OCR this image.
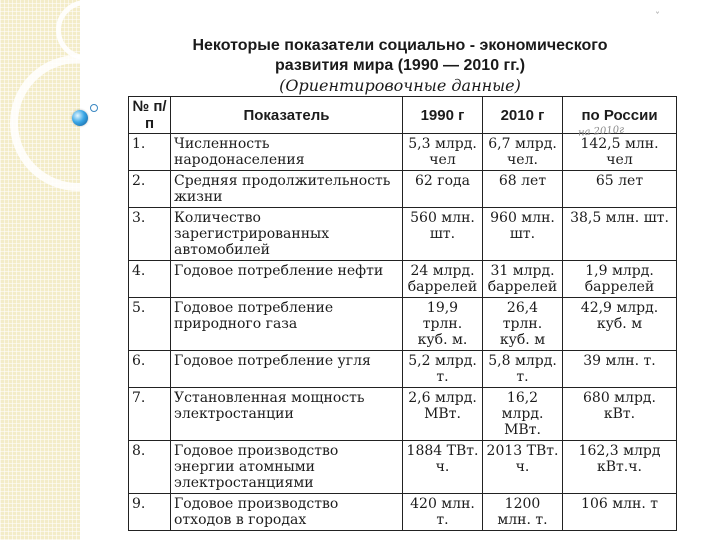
ˇ
Некоторые показатели социально - экономического
развития мира (1990 — 2010 гг.)
(Ориентировочные данные)
№ п/п	Показатель	1990 г	2010 г	по России
1.	Численность народонаселения	5,3 млрд. чел	6,7 млрд. чел.	142,5 млн. чел
2.	Средняя продолжительность жизни	62 года	68 лет	65 лет
3.	Количество зарегистрированных автомобилей	560 млн. шт.	960 млн. шт.	38,5 млн. шт.
4.	Годовое потребление нефти	24 млрд. баррелей	31 млрд. баррелей	1,9 млрд. баррелей
5.	Годовое потребление природного газа	19,9 трлн. куб. м.	26,4 трлн. куб. м	42,9 млрд. куб. м
6.	Годовое потребление угля	5,2 млрд. т.	5,8 млрд. т.	39 млн. т.
7.	Установленная мощность электростанции	2,6 млрд. МВт.	16,2 млрд. МВт.	680 млрд. кВт.
8.	Годовое производство энергии атомными электростанциями	1884 ТВт. ч.	2013 ТВт. ч.	162,3 млрд кВт.ч.
9.	Годовое производство отходов в городах	420 млн. т.	1200 млн. т.	106 млн. т
на 2010г
